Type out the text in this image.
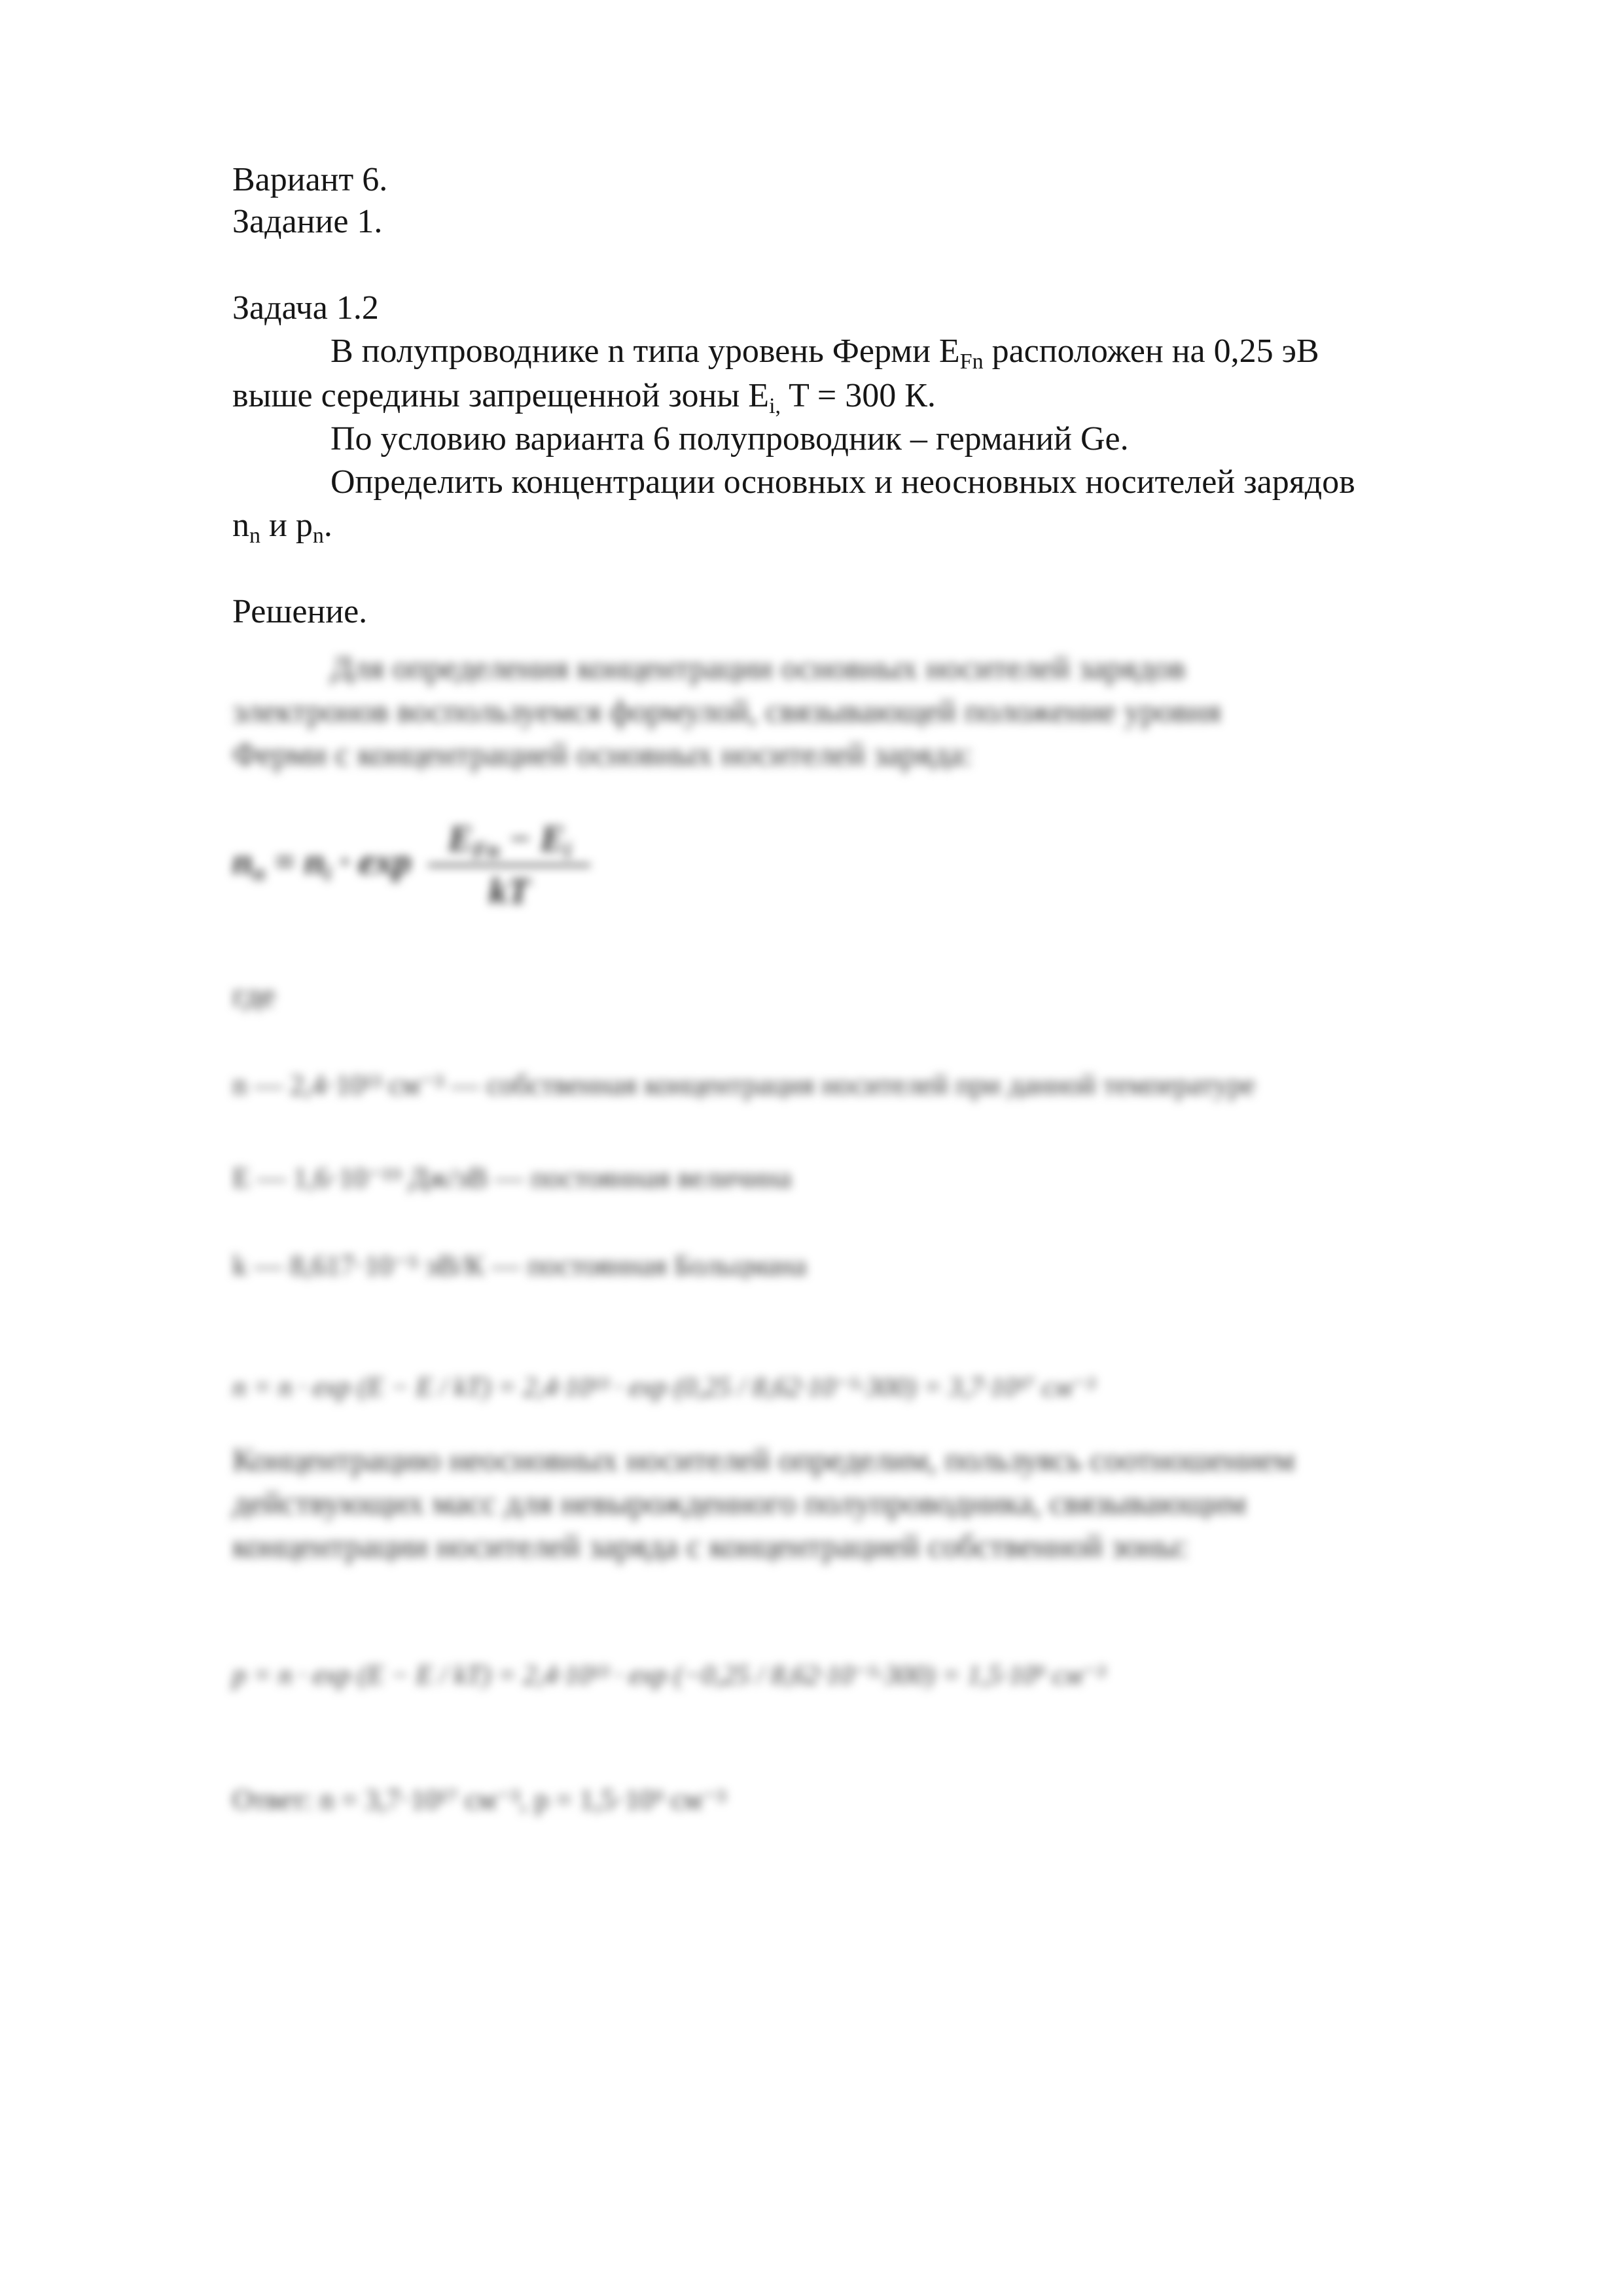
Вариант 6.
Задание 1.
Задача 1.2
В полупроводнике n типа уровень Ферми $E_{Fn}$ расположен на 0,25 эВ
выше середины запрещенной зоны $E_{i,}$ T = 300 К.
По условию варианта 6 полупроводник – германий Ge.
Определить концентрации основных и неосновных носителей зарядов
$n_n$ и $p_n$.
Решение.
Для определения концентрации основных носителей зарядов
электронов воспользуемся формулой, связывающей положение уровня
Ферми с концентрацией основных носителей заряда:
$n_n = n_i \cdot \exp \frac{E_{Fn} - E_i}{kT}$
где
n — 2,4·10¹³ см⁻³ — собственная концентрация носителей при данной температуре
E — 1,6·10⁻¹⁹ Дж/эВ — постоянная величина
k — 8,617·10⁻⁵ эВ/К — постоянная Больцмана
n = n · exp (E − E / kT) = 2,4·10¹³ · exp (0,25 / 8,62·10⁻⁵·300) = 3,7·10¹⁷ см⁻³
Концентрацию неосновных носителей определим, пользуясь соотношением
действующих масс для невырожденного полупроводника, связывающим
концентрации носителей заряда с концентрацией собственной зоны:
p = n · exp (E − E / kT) = 2,4·10¹³ · exp (−0,25 / 8,62·10⁻⁵·300) = 1,5·10⁹ см⁻³
Ответ: n = 3,7·10¹⁷ см⁻³, p = 1,5·10⁹ см⁻³
